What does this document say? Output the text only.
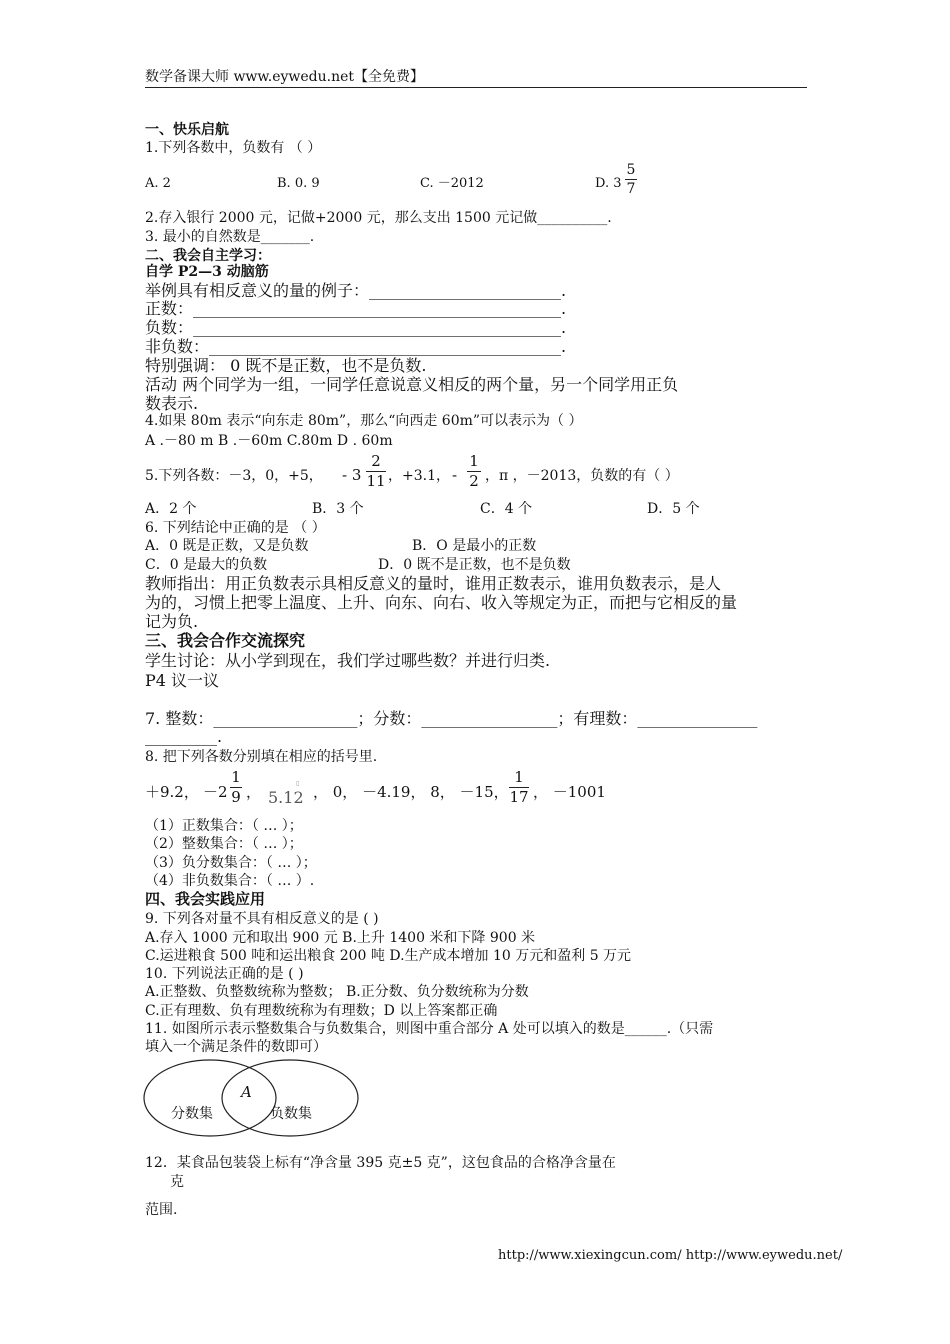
数学备课大师 www.eywedu.net【全免费】
一、快乐启航
1.下列各数中，负数有 （ ）
A. 2	B. 0. 9	C. －2012	D. 3
5
7
2.存入银行 2000 元，记做+2000 元，那么支出 1500 元记做__________.
3. 最小的自然数是_______.
二、我会自主学习：
自学 P2—3 动脑筋
举例具有相反意义的量的例子：________________________.
正数：______________________________________________.
负数：______________________________________________.
非负数：____________________________________________.
特别强调： 0 既不是正数，也不是负数.
活动 两个同学为一组，一同学任意说意义相反的两个量，另一个同学用正负
数表示.
4.如果 80m 表示“向东走 80m”，那么“向西走 60m”可以表示为（ ）
A .－80 m B .－60m C.80m D . 60m
5.下列各数：－3，0，+5， - 3
2
11 ，+3.1， -
1
2 ，π ，－2013，负数的有（ ）
A．2 个	B．3 个	C．4 个	D．5 个
6. 下列结论中正确的是 （ ）
A．0 既是正数，又是负数	B．O 是最小的正数
C．0 是最大的负数	D．0 既不是正数，也不是负数
教师指出：用正负数表示具相反意义的量时，谁用正数表示，谁用负数表示，是人
为的，习惯上把零上温度、上升、向东、向右、收入等规定为正，而把与它相反的量
记为负.
三、我会合作交流探究
学生讨论：从小学到现在，我们学过哪些数？并进行归类.
P4 议一议
7. 整数：__________________；分数：_________________；有理数：_______________
_________.
8. 把下列各数分别填在相应的括号里.
＋9.2， －2
1
9 ， 5.12
▯ ， 0， －4.19， 8， －15，
1
17 ， －1001
（1）正数集合：（ … ）；
（2）整数集合：（ … ）；
（3）负分数集合：（ … ）；
（4）非负数集合：（ … ）.
四、我会实践应用
9. 下列各对量不具有相反意义的是 ( )
A.存入 1000 元和取出 900 元 B.上升 1400 米和下降 900 米
C.运进粮食 500 吨和运出粮食 200 吨 D.生产成本增加 10 万元和盈利 5 万元
10. 下列说法正确的是 ( )
A.正整数、负整数统称为整数； B.正分数、负分数统称为分数
C.正有理数、负有理数统称为有理数；D 以上答案都正确
11. 如图所示表示整数集合与负数集合，则图中重合部分 A 处可以填入的数是______.（只需
填入一个满足条件的数即可）
A
分数集	负数集
12．某食品包装袋上标有“净含量 395 克±5 克”，这包食品的合格净含量在
克
范围.
http://www.xiexingcun.com/ http://www.eywedu.net/
